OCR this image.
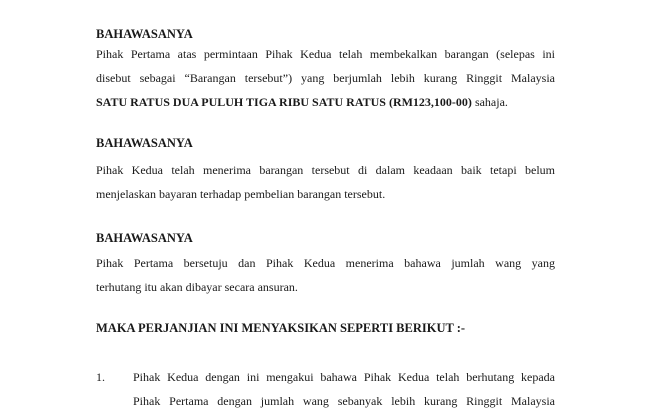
BAHAWASANYA

Pihak Pertama atas permintaan Pihak Kedua telah membekalkan barangan (selepas ini
disebut sebagai “Barangan tersebut”) yang berjumlah lebih kurang Ringgit Malaysia
SATU RATUS DUA PULUH TIGA RIBU SATU RATUS (RM123,100-00) sahaja.

BAHAWASANYA

Pihak Kedua telah menerima barangan tersebut di dalam keadaan baik tetapi belum
menjelaskan bayaran terhadap pembelian barangan tersebut.

BAHAWASANYA

Pihak Pertama bersetuju dan Pihak Kedua menerima bahawa jumlah wang yang
terhutang itu akan dibayar secara ansuran.

MAKA PERJANJIAN INI MENYAKSIKAN SEPERTI BERIKUT :-

1. Pihak Kedua dengan ini mengakui bahawa Pihak Kedua telah berhutang kepada
Pihak Pertama dengan jumlah wang sebanyak lebih kurang Ringgit Malaysia
